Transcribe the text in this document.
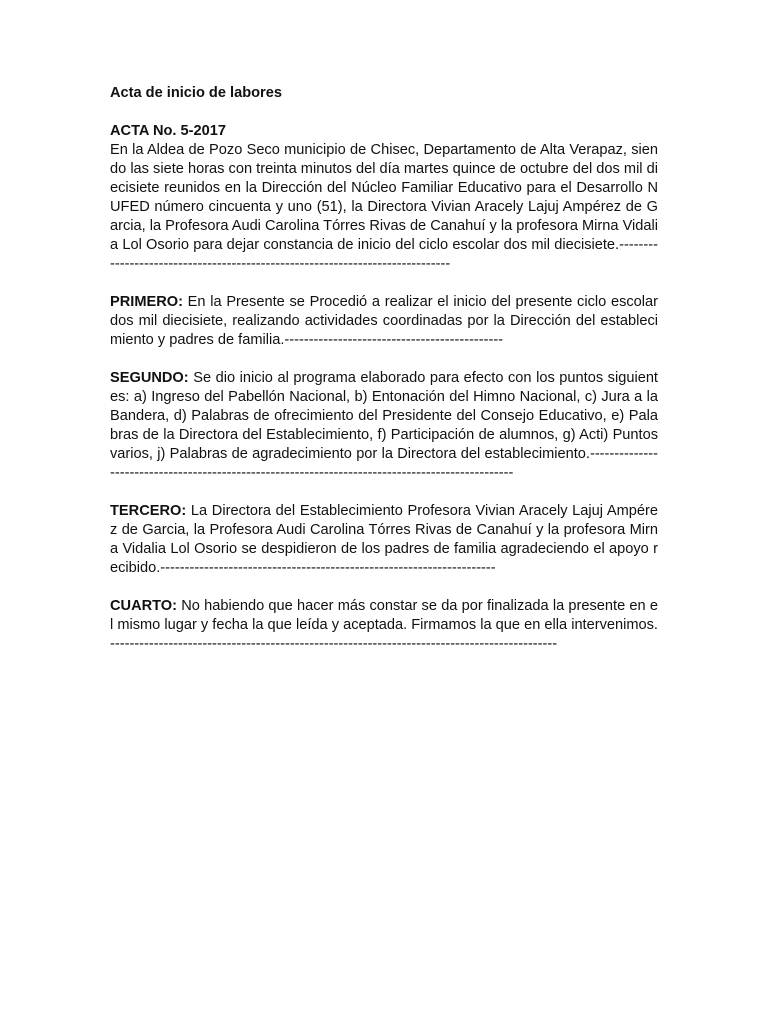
Acta de inicio de labores
ACTA No. 5-2017

En la Aldea de Pozo Seco municipio de Chisec, Departamento de Alta Verapaz, siendo las siete horas con treinta minutos del día martes quince de octubre del dos mil diecisiete reunidos en la Dirección del Núcleo Familiar Educativo para el Desarrollo NUFED número cincuenta y uno (51), la Directora Vivian Aracely Lajuj Ampérez de Garcia, la Profesora Audi Carolina Tórres Rivas de Canahuí y la profesora Mirna Vidalia Lol Osorio para dejar constancia de inicio del ciclo escolar dos mil diecisiete.------------------------------------------------------------------------------

PRIMERO: En la Presente se Procedió a realizar el inicio del presente ciclo escolar dos mil diecisiete, realizando actividades coordinadas por la Dirección del establecimiento y padres de familia.---------------------------------------------

SEGUNDO: Se dio inicio al programa elaborado para efecto con los puntos siguientes: a) Ingreso del Pabellón Nacional, b) Entonación del Himno Nacional, c) Jura a la Bandera, d) Palabras de ofrecimiento del Presidente del Consejo Educativo, e) Palabras de la Directora del Establecimiento, f) Participación de alumnos, g) Acti) Puntos varios, j) Palabras de agradecimiento por la Directora del establecimiento.-------------------------------------------------------------------------------------------------

TERCERO: La Directora del Establecimiento Profesora Vivian Aracely Lajuj Ampérez de Garcia, la Profesora Audi Carolina Tórres Rivas de Canahuí y la profesora Mirna Vidalia Lol Osorio se despidieron de los padres de familia agradeciendo el apoyo recibido.---------------------------------------------------------------------

CUARTO: No habiendo que hacer más constar se da por finalizada la presente en el mismo lugar y fecha la que leída y aceptada. Firmamos la que en ella intervenimos.--------------------------------------------------------------------------------------------
